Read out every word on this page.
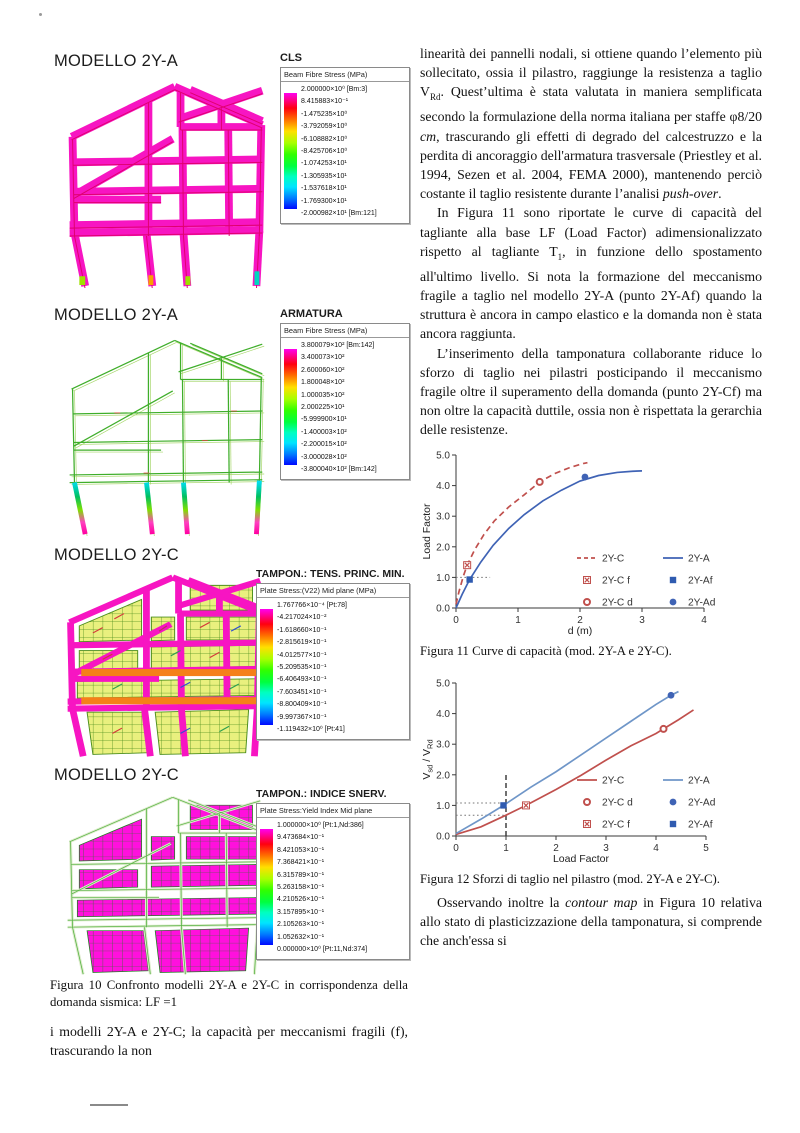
MODELLO 2Y-A	CLS
Beam Fibre Stress (MPa)
2.000000×10⁰ [Bm:3]
8.415883×10⁻¹
-1.475235×10⁰
-3.792059×10⁰
-6.108882×10⁰
-8.425706×10⁰
-1.074253×10¹
-1.305935×10¹
-1.537618×10¹
-1.769300×10¹
-2.000982×10¹ [Bm:121]
MODELLO 2Y-A	ARMATURA
Beam Fibre Stress (MPa)
3.800079×10² [Bm:142]
3.400073×10²
2.600060×10²
1.800048×10²
1.000035×10²
2.000225×10¹
-5.999900×10¹
-1.400003×10²
-2.200015×10²
-3.000028×10²
-3.800040×10² [Bm:142]
MODELLO 2Y-C
TAMPON.: TENS. PRINC. MIN.
Plate Stress:(V22) Mid plane (MPa)
1.767766×10⁻⁴ [Pt:78]
-4.217024×10⁻²
-1.618660×10⁻¹
-2.815619×10⁻¹
-4.012577×10⁻¹
-5.209535×10⁻¹
-6.406493×10⁻¹
-7.603451×10⁻¹
-8.800409×10⁻¹
-9.997367×10⁻¹
-1.119432×10⁰ [Pt:41]
MODELLO 2Y-C
TAMPON.: INDICE SNERV.
Plate Stress:Yield Index Mid plane
1.000000×10⁰ [Pt:1,Nd:386]
9.473684×10⁻¹
8.421053×10⁻¹
7.368421×10⁻¹
6.315789×10⁻¹
5.263158×10⁻¹
4.210526×10⁻¹
3.157895×10⁻¹
2.105263×10⁻¹
1.052632×10⁻¹
0.000000×10⁰ [Pt:11,Nd:374]
Figura 10 Confronto modelli 2Y-A e 2Y-C in corrispondenza della domanda sismica: LF =1
i modelli 2Y-A e 2Y-C; la capacità per meccanismi fragili (f), trascurando la non

linearità dei pannelli nodali, si ottiene quando l’elemento più sollecitato, ossia il pilastro, raggiunge la resistenza a taglio $V_{Rd}$. Quest’ultima è stata valutata in maniera semplificata secondo la formulazione della norma italiana per staffe φ8/20 cm, trascurando gli effetti di degrado del calcestruzzo e la perdita di ancoraggio dell'armatura trasversale (Priestley et al. 1994, Sezen et al. 2004, FEMA 2000), mantenendo perciò costante il taglio resistente durante l’analisi push-over.

In Figura 11 sono riportate le curve di capacità del tagliante alla base LF (Load Factor) adimensionalizzato rispetto al tagliante $T_1$, in funzione dello spostamento all'ultimo livello. Si nota la formazione del meccanismo fragile a taglio nel modello 2Y-A (punto 2Y-Af) quando la struttura è ancora in campo elastico e la domanda non è stata ancora raggiunta.

L’inserimento della tamponatura collaborante riduce lo sforzo di taglio nei pilastri posticipando il meccanismo fragile oltre il superamento della domanda (punto 2Y-Cf) ma non oltre la capacità duttile, ossia non è rispettata la gerarchia delle resistenze.

0	1	2	3	4
0.0
1.0
2.0
3.0
4.0
5.0
d (m)
Load Factor	2Y-C	2Y-A
2Y-C f	2Y-Af
2Y-C d	2Y-Ad
Figura 11 Curve di capacità (mod. 2Y-A e 2Y-C).
0	1	2	3	4	5
0.0
1.0
2.0
3.0
4.0
5.0
Load Factor
$V_{sd} / V_{Rd}$
2Y-C	2Y-A
2Y-C d	2Y-Ad
2Y-C f	2Y-Af
Figura 12 Sforzi di taglio nel pilastro (mod. 2Y-A e 2Y-C).

Osservando inoltre la contour map in Figura 10 relativa allo stato di plasticizzazione della tamponatura, si comprende che anch'essa si
